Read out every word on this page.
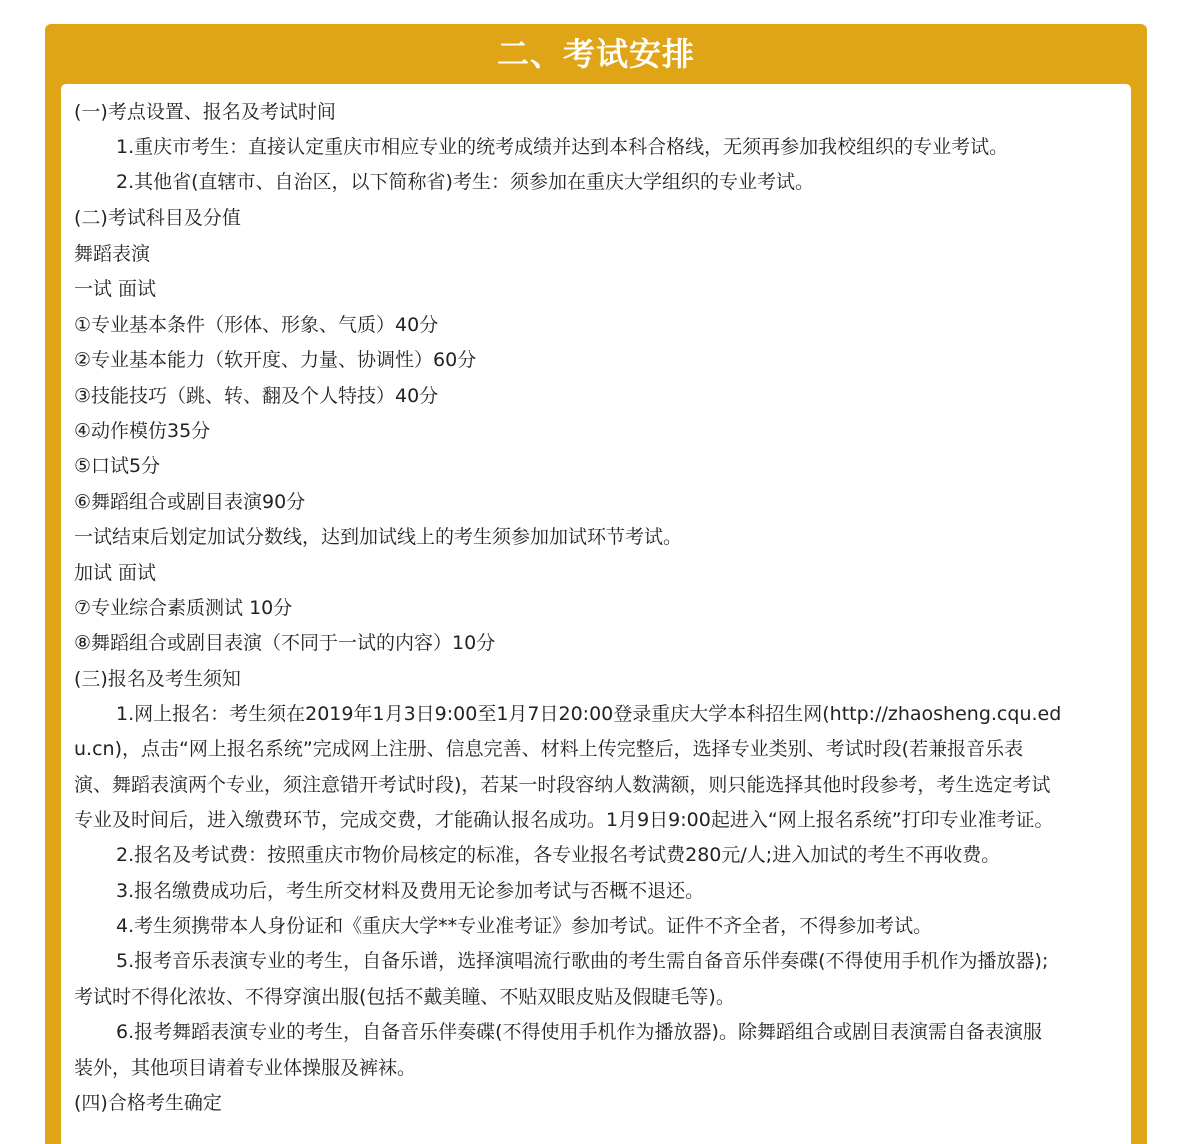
二、考试安排
(一)考点设置、报名及考试时间
1.重庆市考生：直接认定重庆市相应专业的统考成绩并达到本科合格线，无须再参加我校组织的专业考试。
2.其他省(直辖市、自治区，以下简称省)考生：须参加在重庆大学组织的专业考试。
(二)考试科目及分值
舞蹈表演
一试 面试
①专业基本条件（形体、形象、气质）40分
②专业基本能力（软开度、力量、协调性）60分
③技能技巧（跳、转、翻及个人特技）40分
④动作模仿35分
⑤口试5分
⑥舞蹈组合或剧目表演90分
一试结束后划定加试分数线，达到加试线上的考生须参加加试环节考试。
加试 面试
⑦专业综合素质测试 10分
⑧舞蹈组合或剧目表演（不同于一试的内容）10分
(三)报名及考生须知
1.网上报名：考生须在2019年1月3日9:00至1月7日20:00登录重庆大学本科招生网(http://zhaosheng.cqu.ed
u.cn)，点击“网上报名系统”完成网上注册、信息完善、材料上传完整后，选择专业类别、考试时段(若兼报音乐表
演、舞蹈表演两个专业，须注意错开考试时段)，若某一时段容纳人数满额，则只能选择其他时段参考，考生选定考试
专业及时间后，进入缴费环节，完成交费，才能确认报名成功。1月9日9:00起进入“网上报名系统”打印专业准考证。
2.报名及考试费：按照重庆市物价局核定的标准，各专业报名考试费280元/人;进入加试的考生不再收费。
3.报名缴费成功后，考生所交材料及费用无论参加考试与否概不退还。
4.考生须携带本人身份证和《重庆大学**专业准考证》参加考试。证件不齐全者，不得参加考试。
5.报考音乐表演专业的考生，自备乐谱，选择演唱流行歌曲的考生需自备音乐伴奏碟(不得使用手机作为播放器);
考试时不得化浓妆、不得穿演出服(包括不戴美瞳、不贴双眼皮贴及假睫毛等)。
6.报考舞蹈表演专业的考生，自备音乐伴奏碟(不得使用手机作为播放器)。除舞蹈组合或剧目表演需自备表演服
装外，其他项目请着专业体操服及裤袜。
(四)合格考生确定
